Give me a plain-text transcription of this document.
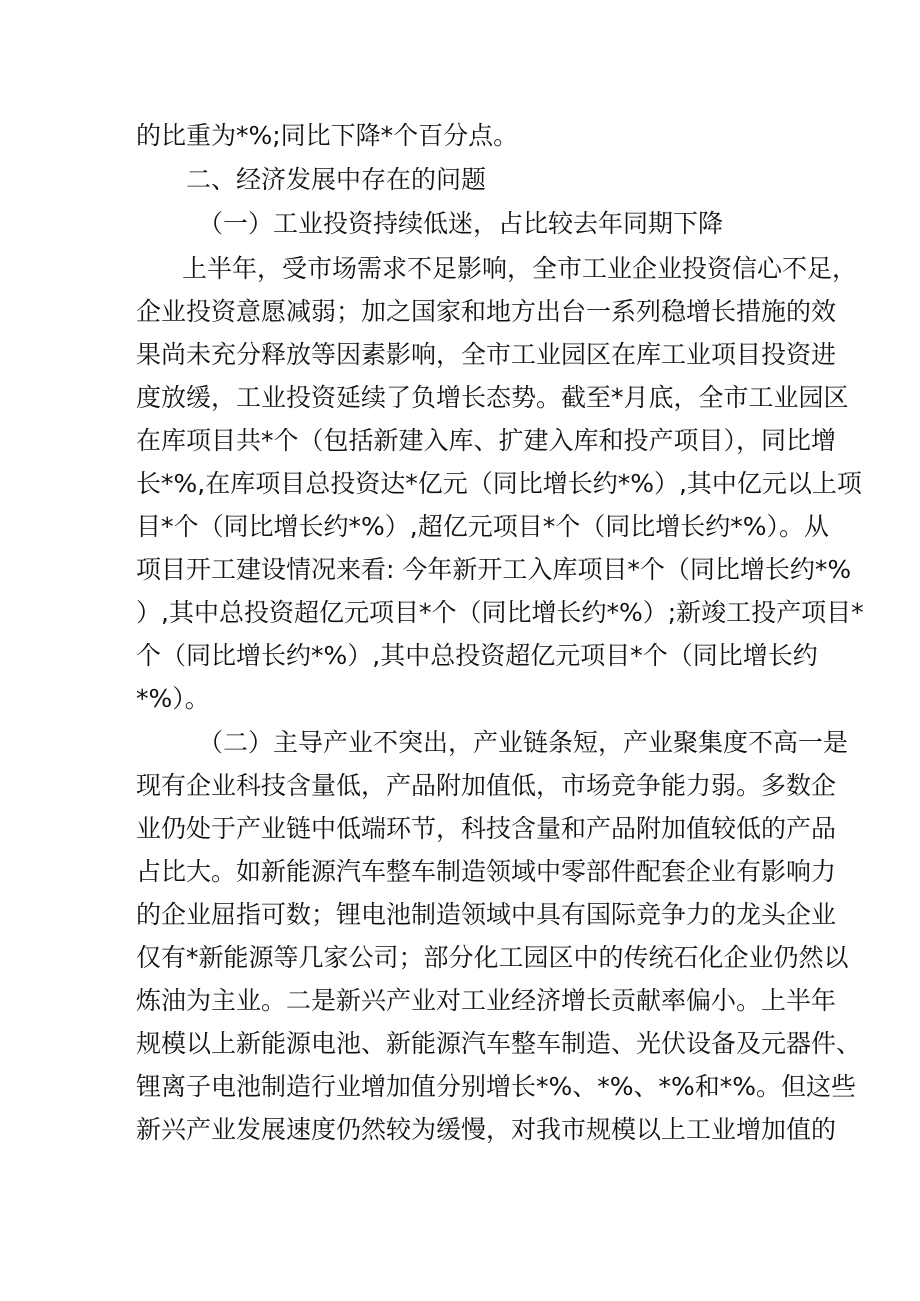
的比重为*%;同比下降*个百分点。
二、经济发展中存在的问题
（一）工业投资持续低迷，占比较去年同期下降
上半年，受市场需求不足影响，全市工业企业投资信心不足，
企业投资意愿减弱；加之国家和地方出台一系列稳增长措施的效
果尚未充分释放等因素影响，全市工业园区在库工业项目投资进
度放缓，工业投资延续了负增长态势。截至*月底，全市工业园区
在库项目共*个（包括新建入库、扩建入库和投产项目），同比增
长*%,在库项目总投资达*亿元（同比增长约*%）,其中亿元以上项
目*个（同比增长约*%）,超亿元项目*个（同比增长约*%）。从
项目开工建设情况来看: 今年新开工入库项目*个（同比增长约*%
）,其中总投资超亿元项目*个（同比增长约*%）;新竣工投产项目*
个（同比增长约*%）,其中总投资超亿元项目*个（同比增长约
*%）。
（二）主导产业不突出，产业链条短，产业聚集度不高一是
现有企业科技含量低，产品附加值低，市场竞争能力弱。多数企
业仍处于产业链中低端环节，科技含量和产品附加值较低的产品
占比大。如新能源汽车整车制造领域中零部件配套企业有影响力
的企业屈指可数；锂电池制造领域中具有国际竞争力的龙头企业
仅有*新能源等几家公司；部分化工园区中的传统石化企业仍然以
炼油为主业。二是新兴产业对工业经济增长贡献率偏小。上半年
规模以上新能源电池、新能源汽车整车制造、光伏设备及元器件、
锂离子电池制造行业增加值分别增长*%、*%、*%和*%。但这些
新兴产业发展速度仍然较为缓慢，对我市规模以上工业增加值的
